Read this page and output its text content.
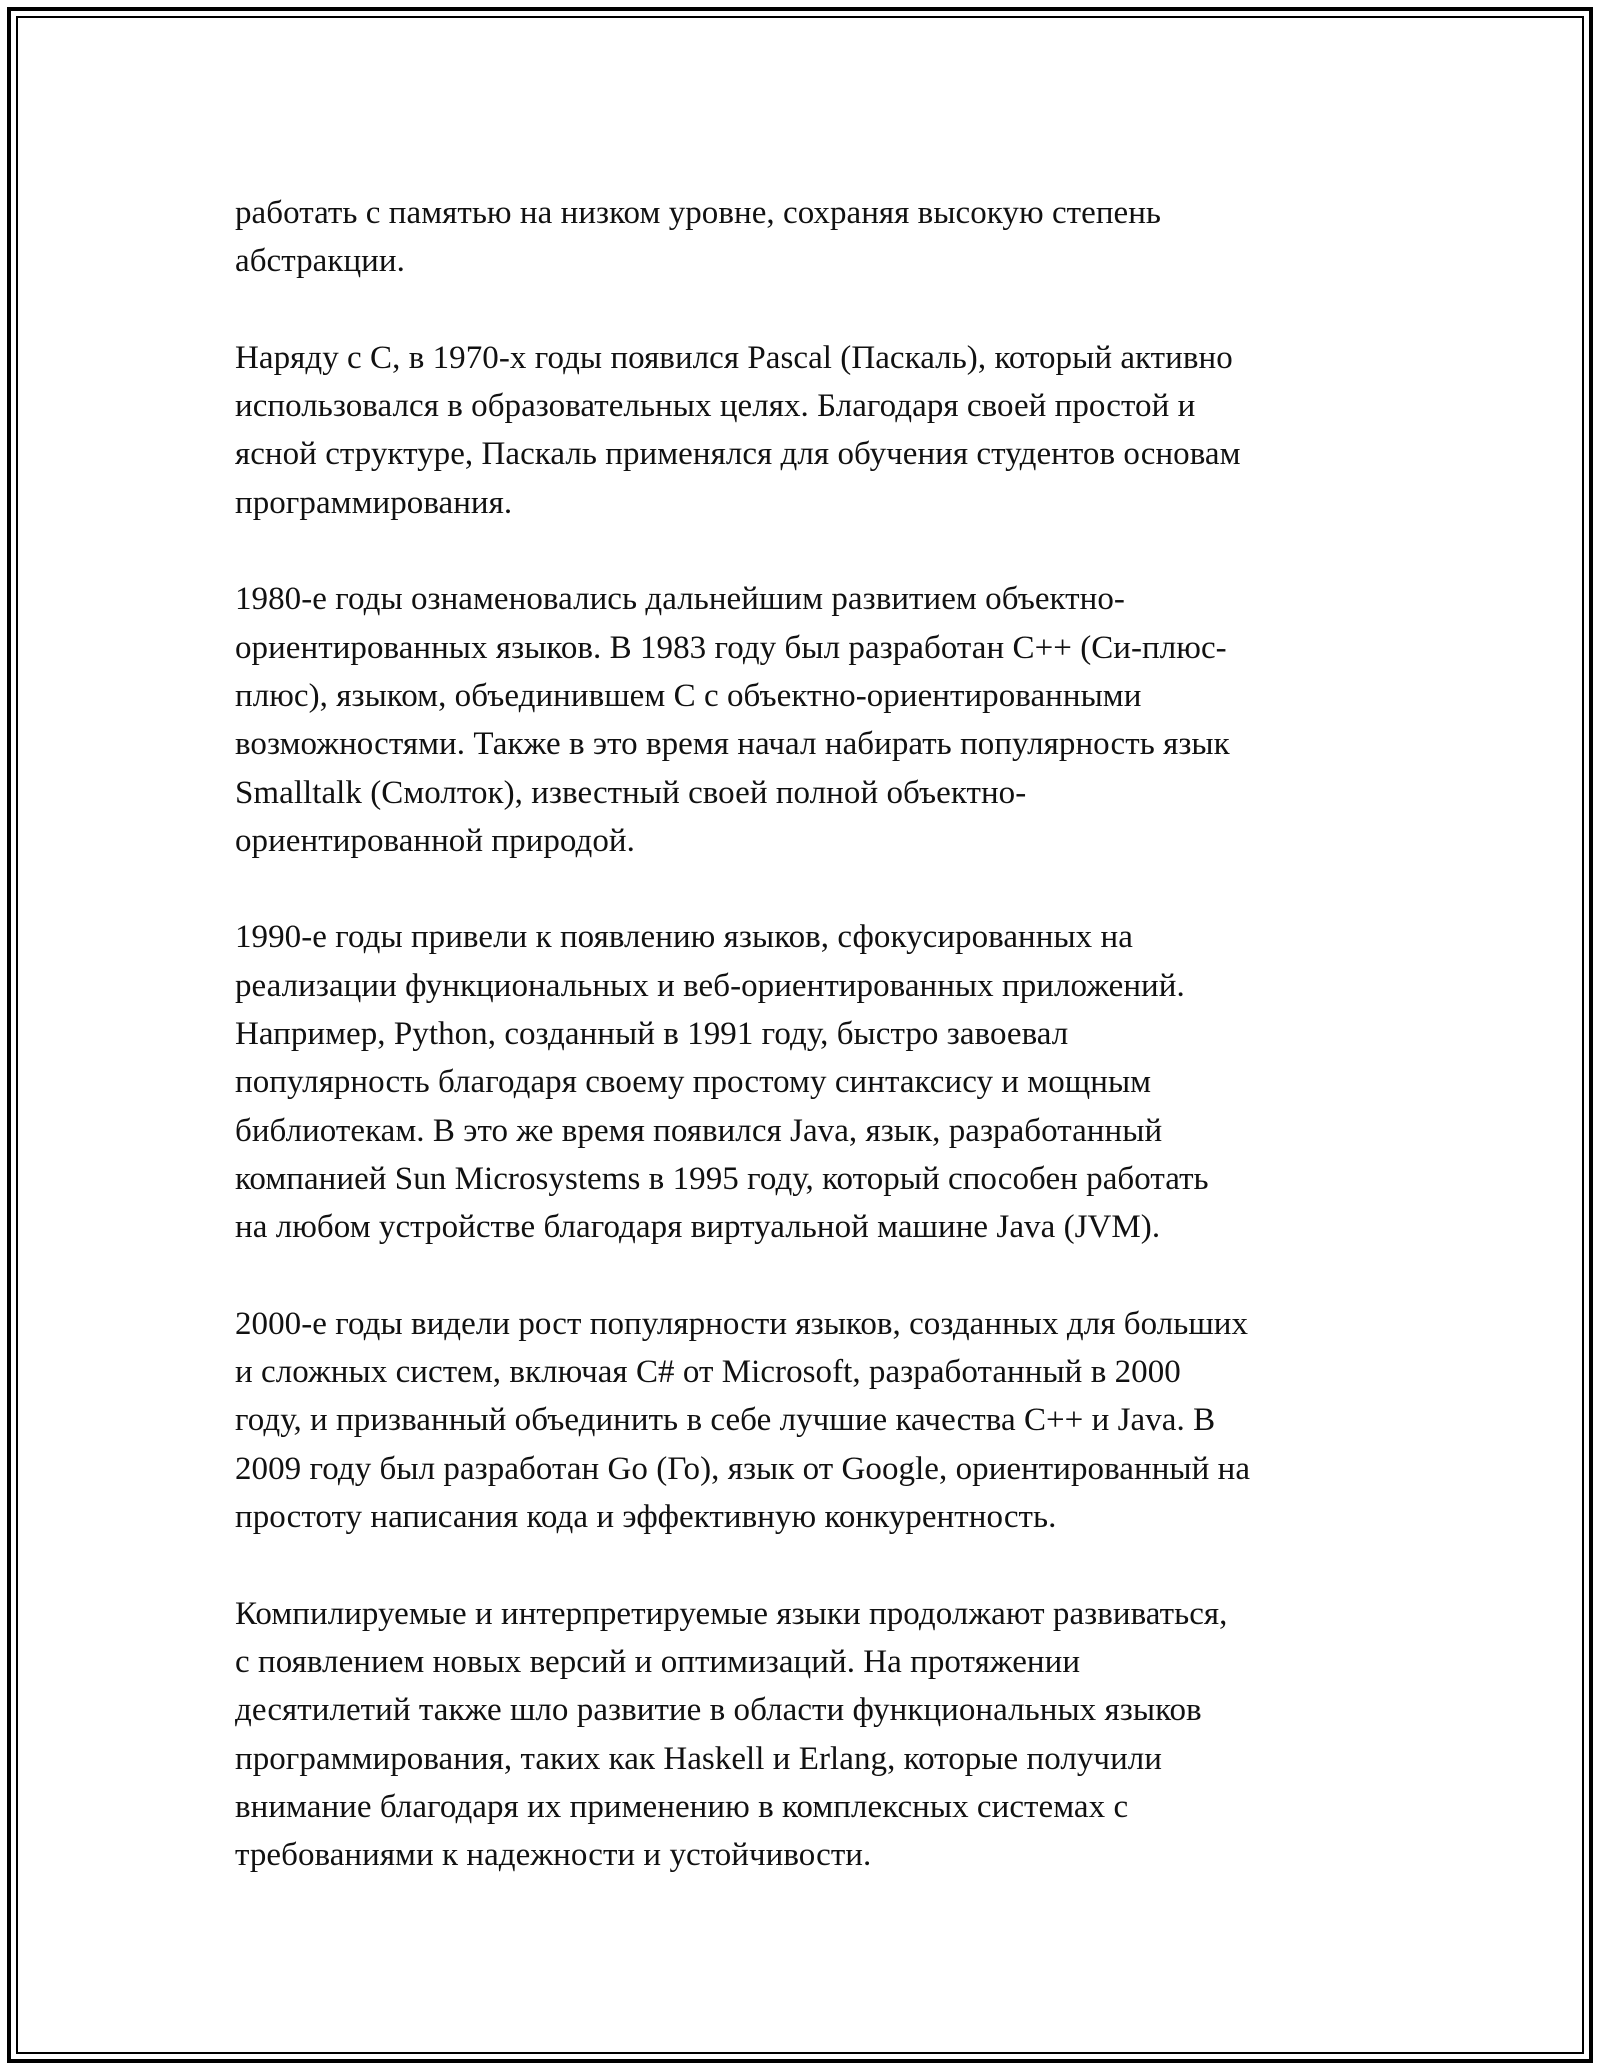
работать с памятью на низком уровне, сохраняя высокую степень
абстракции.
Наряду с С, в 1970-х годы появился Pascal (Паскаль), который активно
использовался в образовательных целях. Благодаря своей простой и
ясной структуре, Паскаль применялся для обучения студентов основам
программирования.
1980-е годы ознаменовались дальнейшим развитием объектно-
ориентированных языков. В 1983 году был разработан C++ (Си-плюс-
плюс), языком, объединившем С с объектно-ориентированными
возможностями. Также в это время начал набирать популярность язык
Smalltalk (Смолток), известный своей полной объектно-
ориентированной природой.
1990-е годы привели к появлению языков, сфокусированных на
реализации функциональных и веб-ориентированных приложений.
Например, Python, созданный в 1991 году, быстро завоевал
популярность благодаря своему простому синтаксису и мощным
библиотекам. В это же время появился Java, язык, разработанный
компанией Sun Microsystems в 1995 году, который способен работать
на любом устройстве благодаря виртуальной машине Java (JVM).
2000-е годы видели рост популярности языков, созданных для больших
и сложных систем, включая C# от Microsoft, разработанный в 2000
году, и призванный объединить в себе лучшие качества C++ и Java. В
2009 году был разработан Go (Го), язык от Google, ориентированный на
простоту написания кода и эффективную конкурентность.
Компилируемые и интерпретируемые языки продолжают развиваться,
с появлением новых версий и оптимизаций. На протяжении
десятилетий также шло развитие в области функциональных языков
программирования, таких как Haskell и Erlang, которые получили
внимание благодаря их применению в комплексных системах с
требованиями к надежности и устойчивости.
